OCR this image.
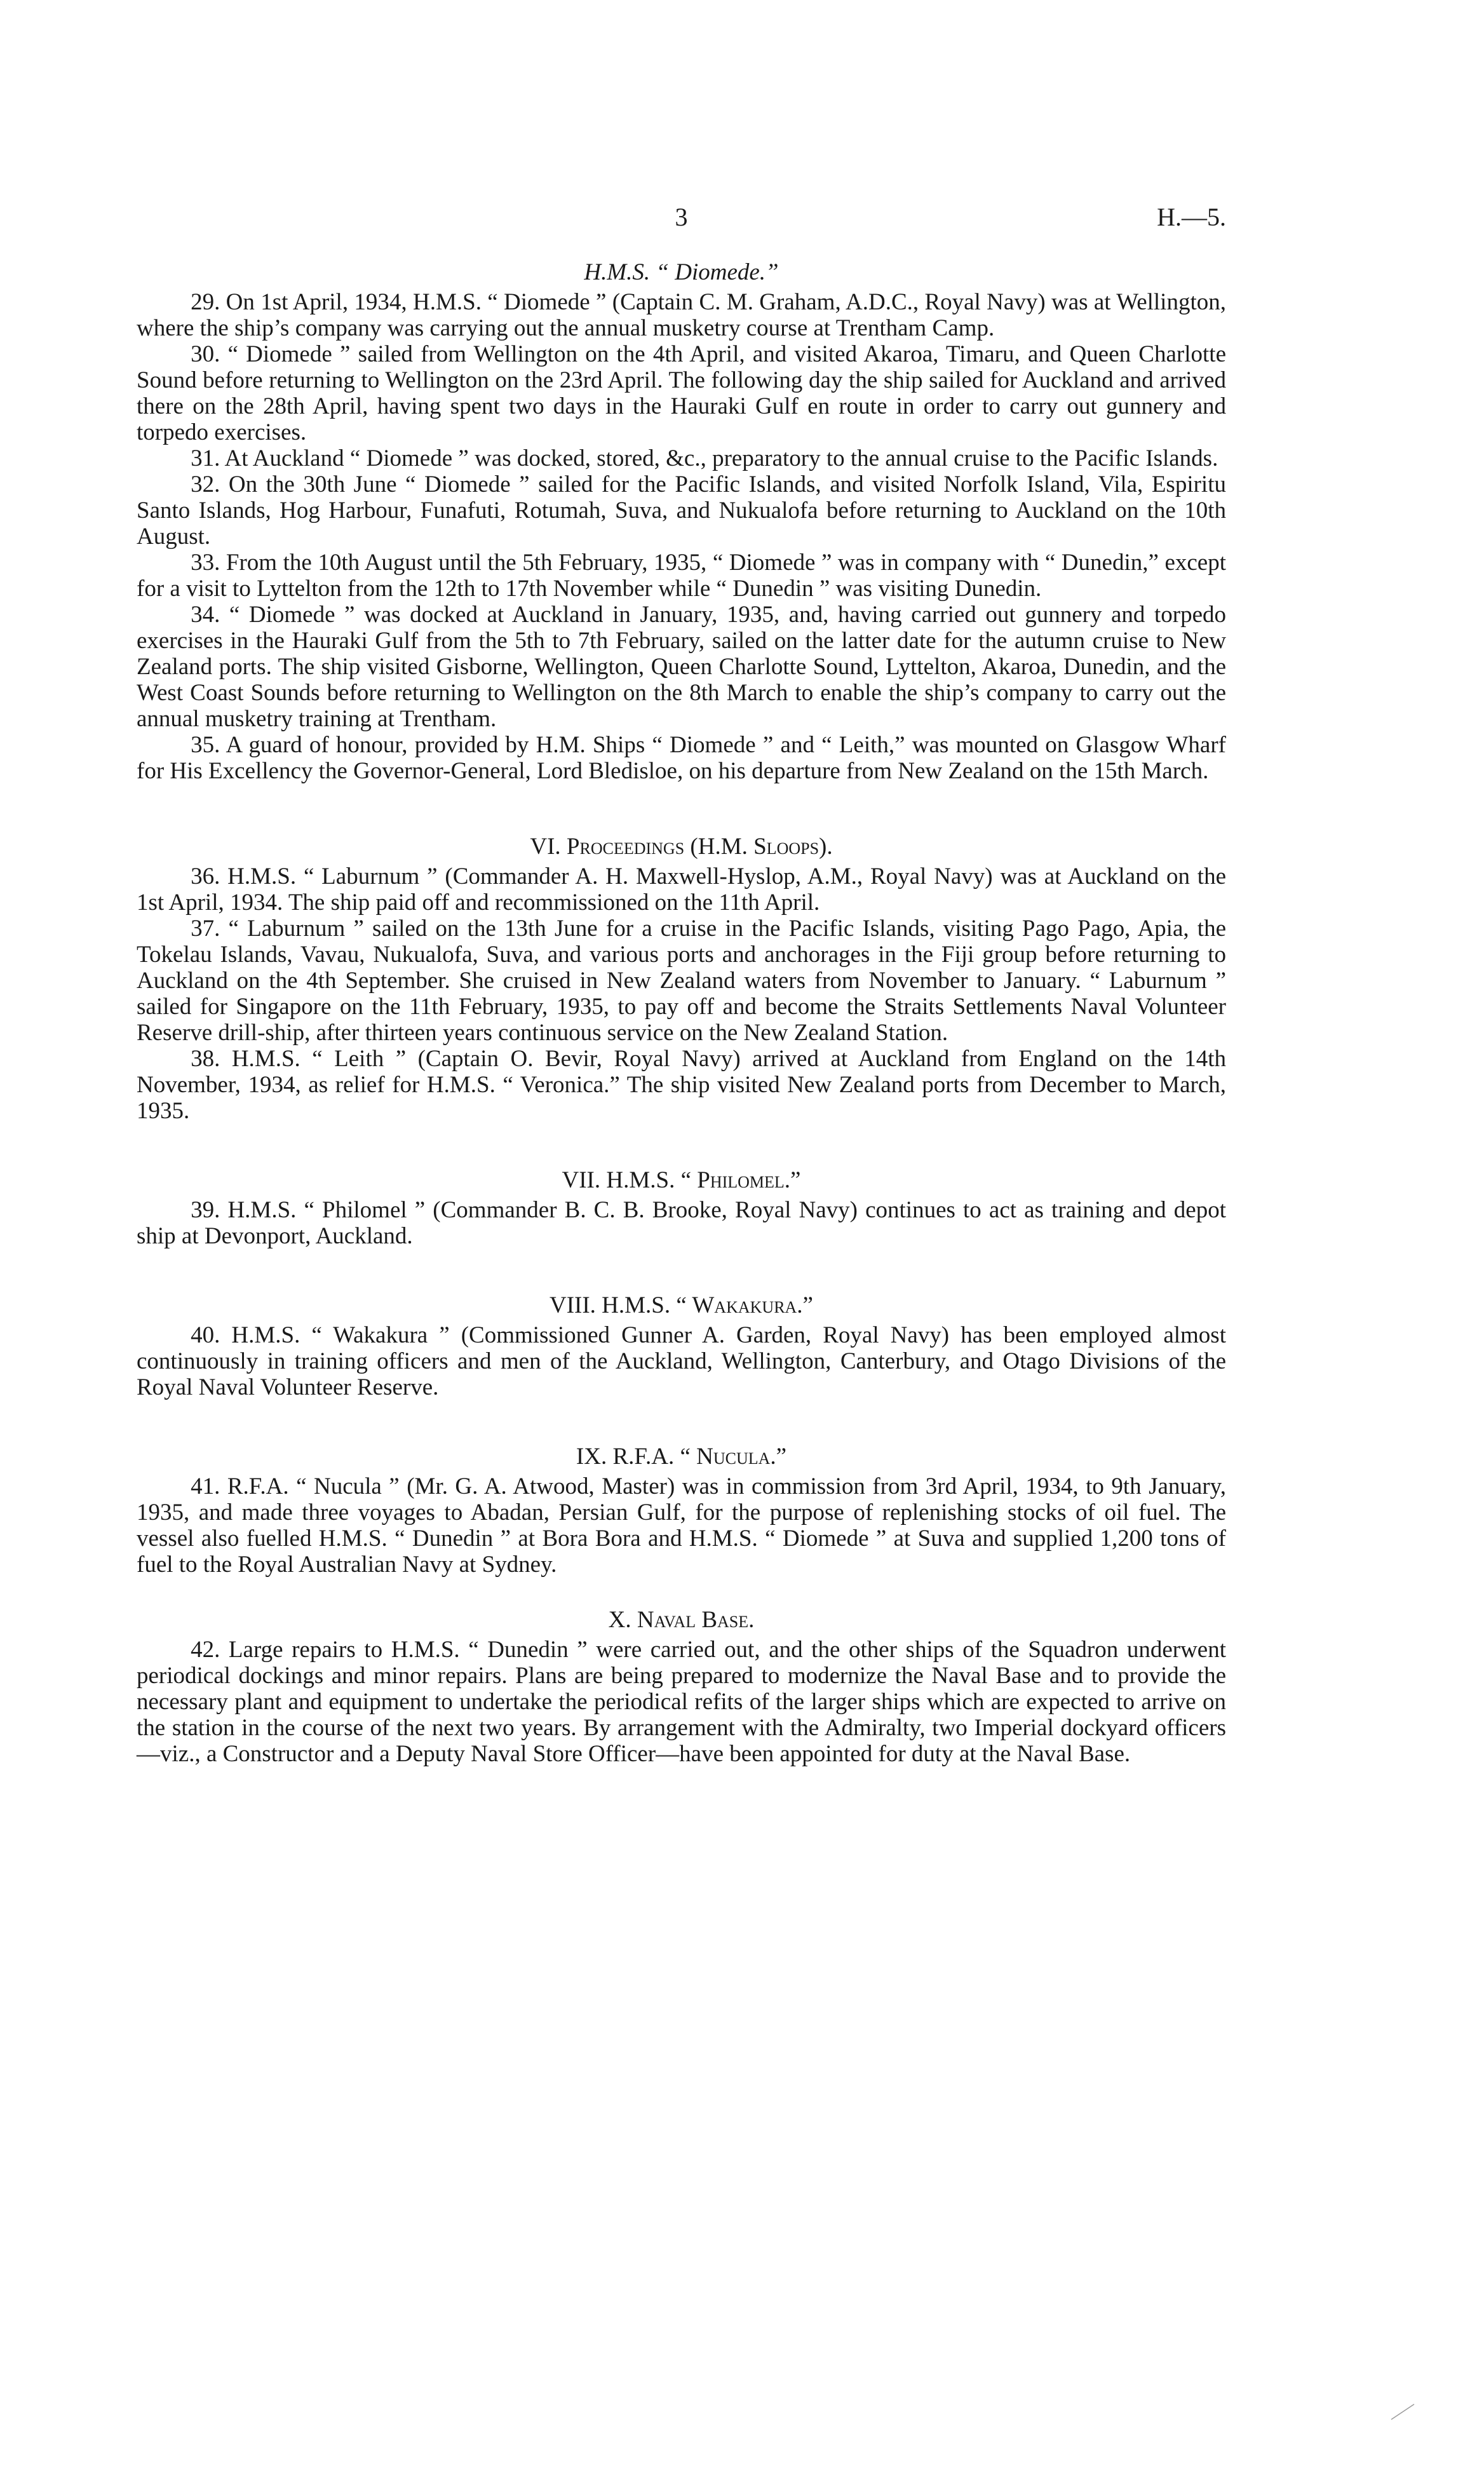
3	H.—5.
H.M.S. “ Diomede.”

29. On 1st April, 1934, H.M.S. “ Diomede ” (Captain C. M. Graham, A.D.C., Royal Navy) was at Wellington, where the ship’s company was carrying out the annual musketry course at Trentham Camp.

30. “ Diomede ” sailed from Wellington on the 4th April, and visited Akaroa, Timaru, and Queen Charlotte Sound before returning to Wellington on the 23rd April. The following day the ship sailed for Auckland and arrived there on the 28th April, having spent two days in the Hauraki Gulf en route in order to carry out gunnery and torpedo exercises.

31. At Auckland “ Diomede ” was docked, stored, &c., preparatory to the annual cruise to the Pacific Islands.

32. On the 30th June “ Diomede ” sailed for the Pacific Islands, and visited Norfolk Island, Vila, Espiritu Santo Islands, Hog Harbour, Funafuti, Rotumah, Suva, and Nukualofa before returning to Auckland on the 10th August.

33. From the 10th August until the 5th February, 1935, “ Diomede ” was in company with “ Dunedin,” except for a visit to Lyttelton from the 12th to 17th November while “ Dunedin ” was visiting Dunedin.

34. “ Diomede ” was docked at Auckland in January, 1935, and, having carried out gunnery and torpedo exercises in the Hauraki Gulf from the 5th to 7th February, sailed on the latter date for the autumn cruise to New Zealand ports. The ship visited Gisborne, Wellington, Queen Charlotte Sound, Lyttelton, Akaroa, Dunedin, and the West Coast Sounds before returning to Wellington on the 8th March to enable the ship’s company to carry out the annual musketry training at Trentham.

35. A guard of honour, provided by H.M. Ships “ Diomede ” and “ Leith,” was mounted on Glasgow Wharf for His Excellency the Governor-General, Lord Bledisloe, on his departure from New Zealand on the 15th March.

VI. Proceedings (H.M. Sloops).

36. H.M.S. “ Laburnum ” (Commander A. H. Maxwell-Hyslop, A.M., Royal Navy) was at Auckland on the 1st April, 1934. The ship paid off and recommissioned on the 11th April.

37. “ Laburnum ” sailed on the 13th June for a cruise in the Pacific Islands, visiting Pago Pago, Apia, the Tokelau Islands, Vavau, Nukualofa, Suva, and various ports and anchorages in the Fiji group before returning to Auckland on the 4th September. She cruised in New Zealand waters from November to January. “ Laburnum ” sailed for Singapore on the 11th February, 1935, to pay off and become the Straits Settlements Naval Volunteer Reserve drill-ship, after thirteen years continuous service on the New Zealand Station.

38. H.M.S. “ Leith ” (Captain O. Bevir, Royal Navy) arrived at Auckland from England on the 14th November, 1934, as relief for H.M.S. “ Veronica.” The ship visited New Zealand ports from December to March, 1935.

VII. H.M.S. “ Philomel.”

39. H.M.S. “ Philomel ” (Commander B. C. B. Brooke, Royal Navy) continues to act as training and depot ship at Devonport, Auckland.

VIII. H.M.S. “ Wakakura.”

40. H.M.S. “ Wakakura ” (Commissioned Gunner A. Garden, Royal Navy) has been employed almost continuously in training officers and men of the Auckland, Wellington, Canterbury, and Otago Divisions of the Royal Naval Volunteer Reserve.

IX. R.F.A. “ Nucula.”

41. R.F.A. “ Nucula ” (Mr. G. A. Atwood, Master) was in commission from 3rd April, 1934, to 9th January, 1935, and made three voyages to Abadan, Persian Gulf, for the purpose of replenishing stocks of oil fuel. The vessel also fuelled H.M.S. “ Dunedin ” at Bora Bora and H.M.S. “ Diomede ” at Suva and supplied 1,200 tons of fuel to the Royal Australian Navy at Sydney.

X. Naval Base.

42. Large repairs to H.M.S. “ Dunedin ” were carried out, and the other ships of the Squadron underwent periodical dockings and minor repairs. Plans are being prepared to modernize the Naval Base and to provide the necessary plant and equipment to undertake the periodical refits of the larger ships which are expected to arrive on the station in the course of the next two years. By arrangement with the Admiralty, two Imperial dockyard officers—viz., a Constructor and a Deputy Naval Store Officer—have been appointed for duty at the Naval Base.
